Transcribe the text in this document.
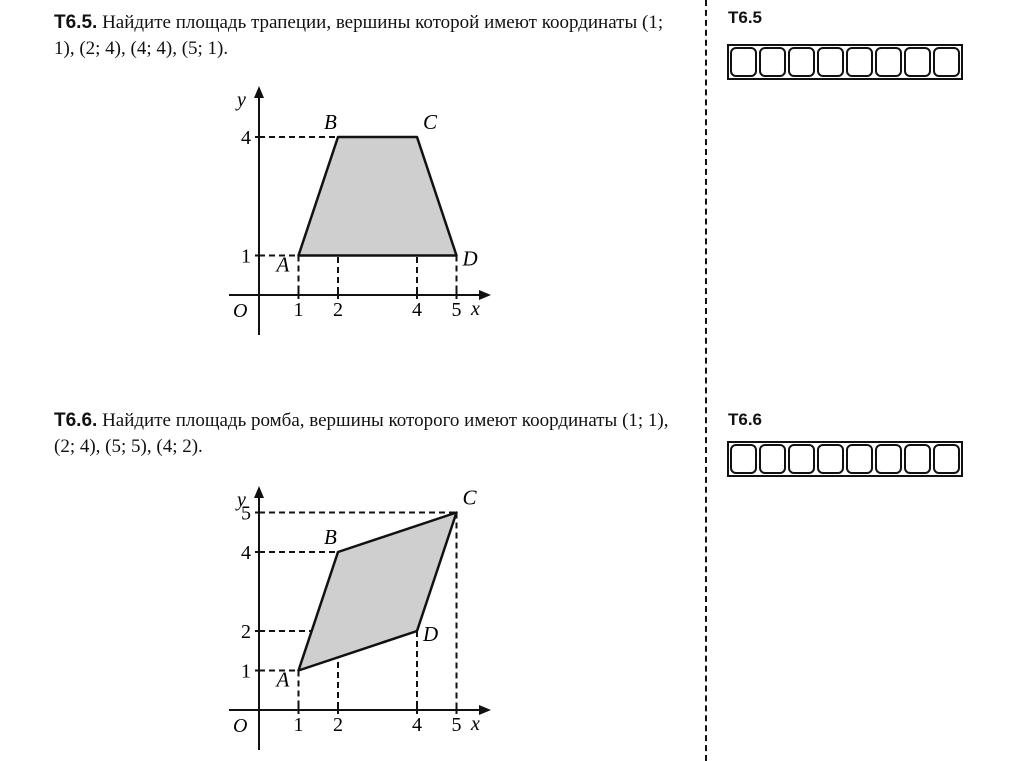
Т6.5. Найдите площадь трапеции, вершины которой имеют координаты (1; 1), (2; 4), (4; 4), (5; 1).
1 2	4 5
1
4
O	x
y
A
B	C
D
Т6.6. Найдите площадь ромба, вершины которого имеют координаты (1; 1), (2; 4), (5; 5), (4; 2).
1 2	4 5
1
2
4
5
O	x
y
A
B
C
D
Т6.5
Т6.6
